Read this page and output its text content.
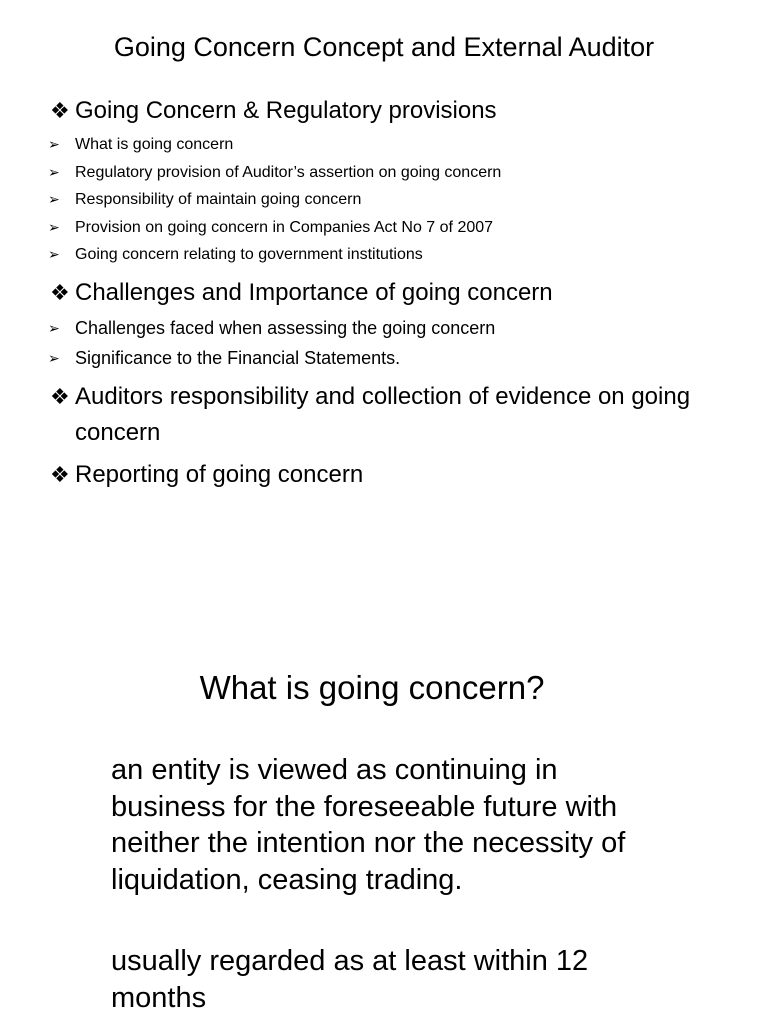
Going Concern Concept and External Auditor
❖ Going Concern & Regulatory provisions
➢ What is going concern
➢ Regulatory provision of Auditor’s assertion on going concern
➢ Responsibility of maintain going concern
➢ Provision on going concern in Companies Act No 7 of 2007
➢ Going concern relating to government institutions
❖ Challenges and Importance of going concern
➢ Challenges faced when assessing the going concern
➢ Significance to the Financial Statements.
❖ Auditors responsibility and collection of evidence on going concern
❖ Reporting of going concern
What is going concern?

an entity is viewed as continuing in business for the foreseeable future with neither the intention nor the necessity of liquidation, ceasing trading.

usually regarded as at least within 12 months
